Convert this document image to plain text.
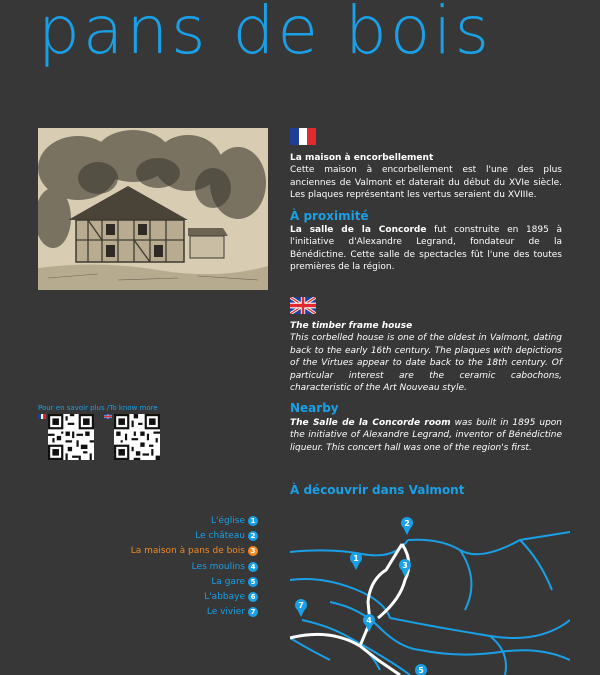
pans de bois
La maison à encorbellement
Cette maison à encorbellement est l'une des plus anciennes de Valmont et daterait du début du XVIe siècle. Les plaques représentant les vertus seraient du XVIIIe.
À proximité
La salle de la Concorde fut construite en 1895 à l'initiative d'Alexandre Legrand, fondateur de la Bénédictine. Cette salle de spectacles fût l'une des toutes premières de la région.
The timber frame house
This corbelled house is one of the oldest in Valmont, dating back to the early 16th century. The plaques with depictions of the Virtues appear to date back to the 18th century. Of particular interest are the ceramic cabochons, characteristic of the Art Nouveau style.
Nearby
The Salle de la Concorde room was built in 1895 upon the initiative of Alexandre Legrand, inventor of Bénédictine liqueur. This concert hall was one of the region's first.
Pour en savoir plus /To know more
À découvrir dans Valmont
L'église 1
Le château 2
La maison à pans de bois 3
Les moulins 4
La gare 5
L'abbaye 6
Le vivier 7
1
2
3
4
5
7
